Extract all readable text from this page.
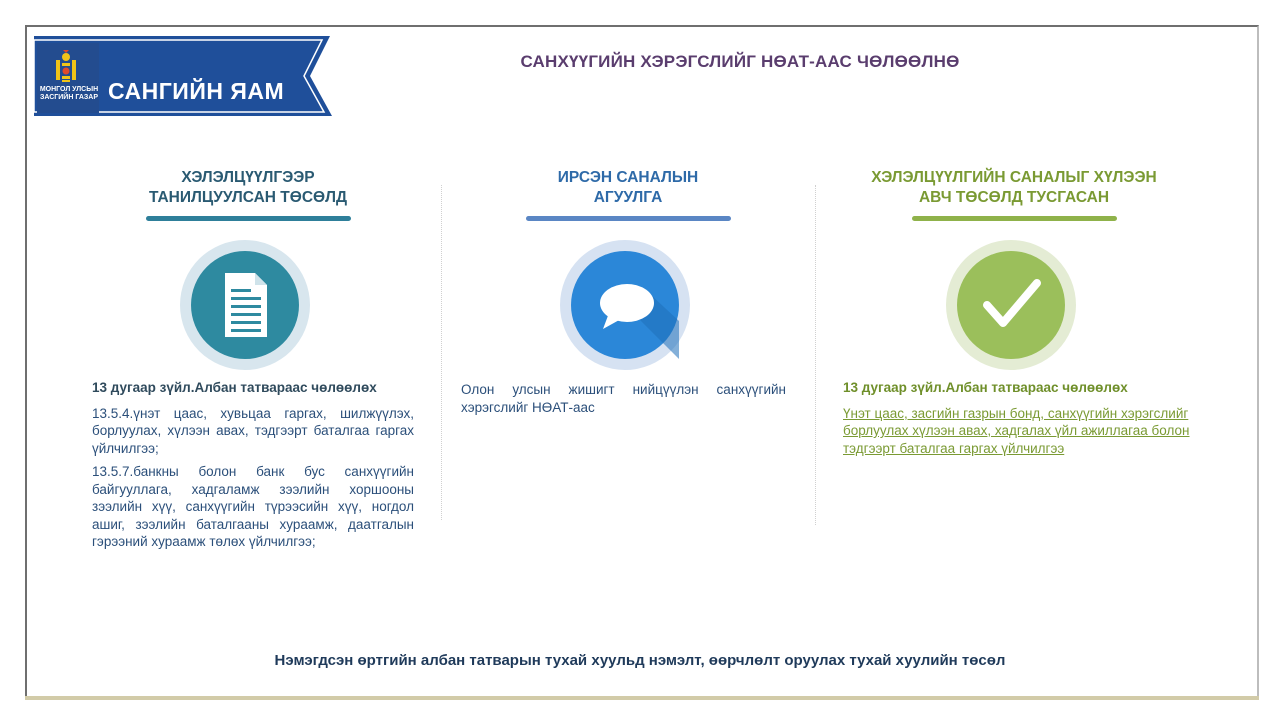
МОНГОЛ УЛСЫН
ЗАСГИЙН ГАЗАР САНГИЙН ЯАМ
САНХҮҮГИЙН ХЭРЭГСЛИЙГ НӨАТ-ААС ЧӨЛӨӨЛНӨ
ХЭЛЭЛЦҮҮЛГЭЭР
ТАНИЛЦУУЛСАН ТӨСӨЛД
ИРСЭН САНАЛЫН
АГУУЛГА
ХЭЛЭЛЦҮҮЛГИЙН САНАЛЫГ ХҮЛЭЭН
АВЧ ТӨСӨЛД ТУСГАСАН
13 дугаар зүйл.Албан татвараас чөлөөлөх
13.5.4.үнэт цаас, хувьцаа гаргах, шилжүүлэх, борлуулах, хүлээн авах, тэдгээрт баталгаа гаргах үйлчилгээ;
13.5.7.банкны болон банк бус санхүүгийн байгууллага, хадгаламж зээлийн хоршооны зээлийн хүү, санхүүгийн түрээсийн хүү, ногдол ашиг, зээлийн баталгааны хураамж, даатгалын гэрээний хураамж төлөх үйлчилгээ;
Олон улсын жишигт нийцүүлэн санхүүгийн хэрэгслийг НӨАТ-аас
13 дугаар зүйл.Албан татвараас чөлөөлөх
Үнэт цаас, засгийн газрын бонд, санхүүгийн хэрэгслийг борлуулах хүлээн авах, хадгалах үйл ажиллагаа болон тэдгээрт баталгаа гаргах үйлчилгээ
Нэмэгдсэн өртгийн албан татварын тухай хуульд нэмэлт, өөрчлөлт оруулах тухай хуулийн төсөл
